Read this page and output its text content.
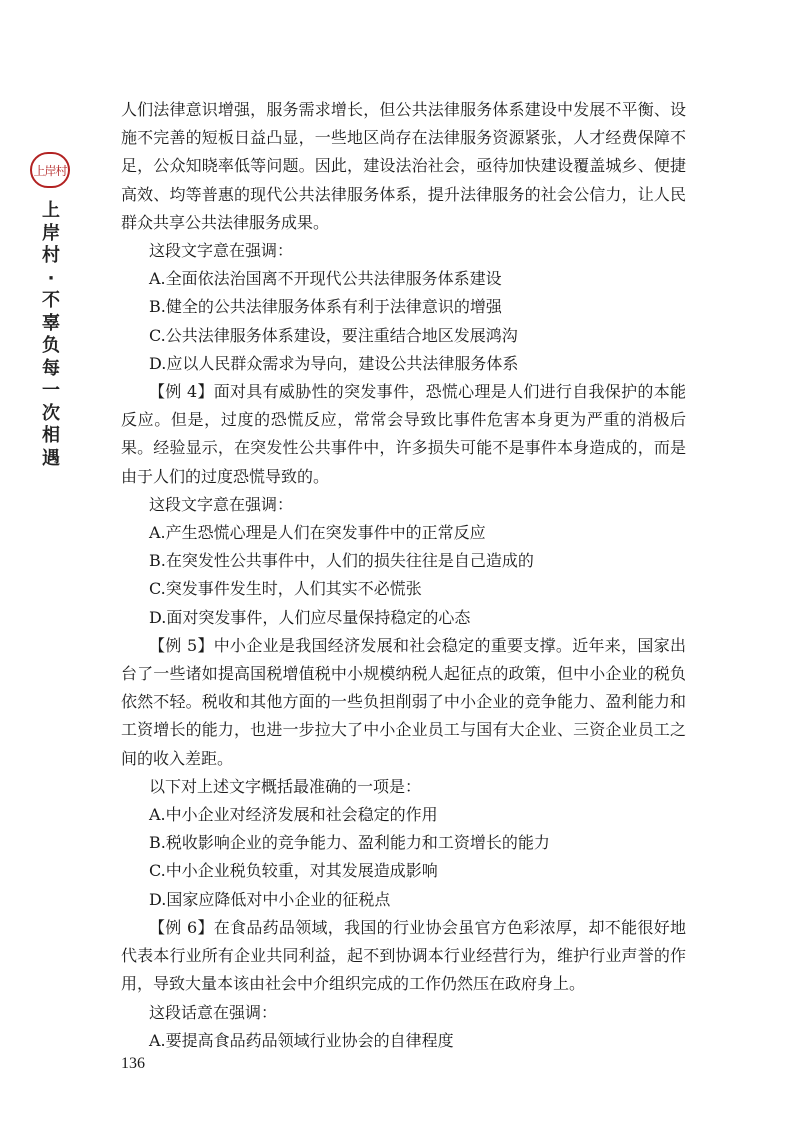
上岸村
上
岸
村
·
不
辜
负
每
一
次
相
遇

人们法律意识增强，服务需求增长，但公共法律服务体系建设中发展不平衡、设施不完善的短板日益凸显，一些地区尚存在法律服务资源紧张，人才经费保障不足，公众知晓率低等问题。因此，建设法治社会，亟待加快建设覆盖城乡、便捷高效、均等普惠的现代公共法律服务体系，提升法律服务的社会公信力，让人民群众共享公共法律服务成果。

这段文字意在强调：

A.全面依法治国离不开现代公共法律服务体系建设

B.健全的公共法律服务体系有利于法律意识的增强

C.公共法律服务体系建设，要注重结合地区发展鸿沟

D.应以人民群众需求为导向，建设公共法律服务体系

【例 4】面对具有威胁性的突发事件，恐慌心理是人们进行自我保护的本能反应。但是，过度的恐慌反应，常常会导致比事件危害本身更为严重的消极后果。经验显示，在突发性公共事件中，许多损失可能不是事件本身造成的，而是由于人们的过度恐慌导致的。

这段文字意在强调：

A.产生恐慌心理是人们在突发事件中的正常反应

B.在突发性公共事件中，人们的损失往往是自己造成的

C.突发事件发生时，人们其实不必慌张

D.面对突发事件，人们应尽量保持稳定的心态

【例 5】中小企业是我国经济发展和社会稳定的重要支撑。近年来，国家出台了一些诸如提高国税增值税中小规模纳税人起征点的政策，但中小企业的税负依然不轻。税收和其他方面的一些负担削弱了中小企业的竞争能力、盈利能力和工资增长的能力，也进一步拉大了中小企业员工与国有大企业、三资企业员工之间的收入差距。

以下对上述文字概括最准确的一项是：

A.中小企业对经济发展和社会稳定的作用

B.税收影响企业的竞争能力、盈利能力和工资增长的能力

C.中小企业税负较重，对其发展造成影响

D.国家应降低对中小企业的征税点

【例 6】在食品药品领域，我国的行业协会虽官方色彩浓厚，却不能很好地代表本行业所有企业共同利益，起不到协调本行业经营行为，维护行业声誉的作用，导致大量本该由社会中介组织完成的工作仍然压在政府身上。

这段话意在强调：

A.要提高食品药品领域行业协会的自律程度

136
